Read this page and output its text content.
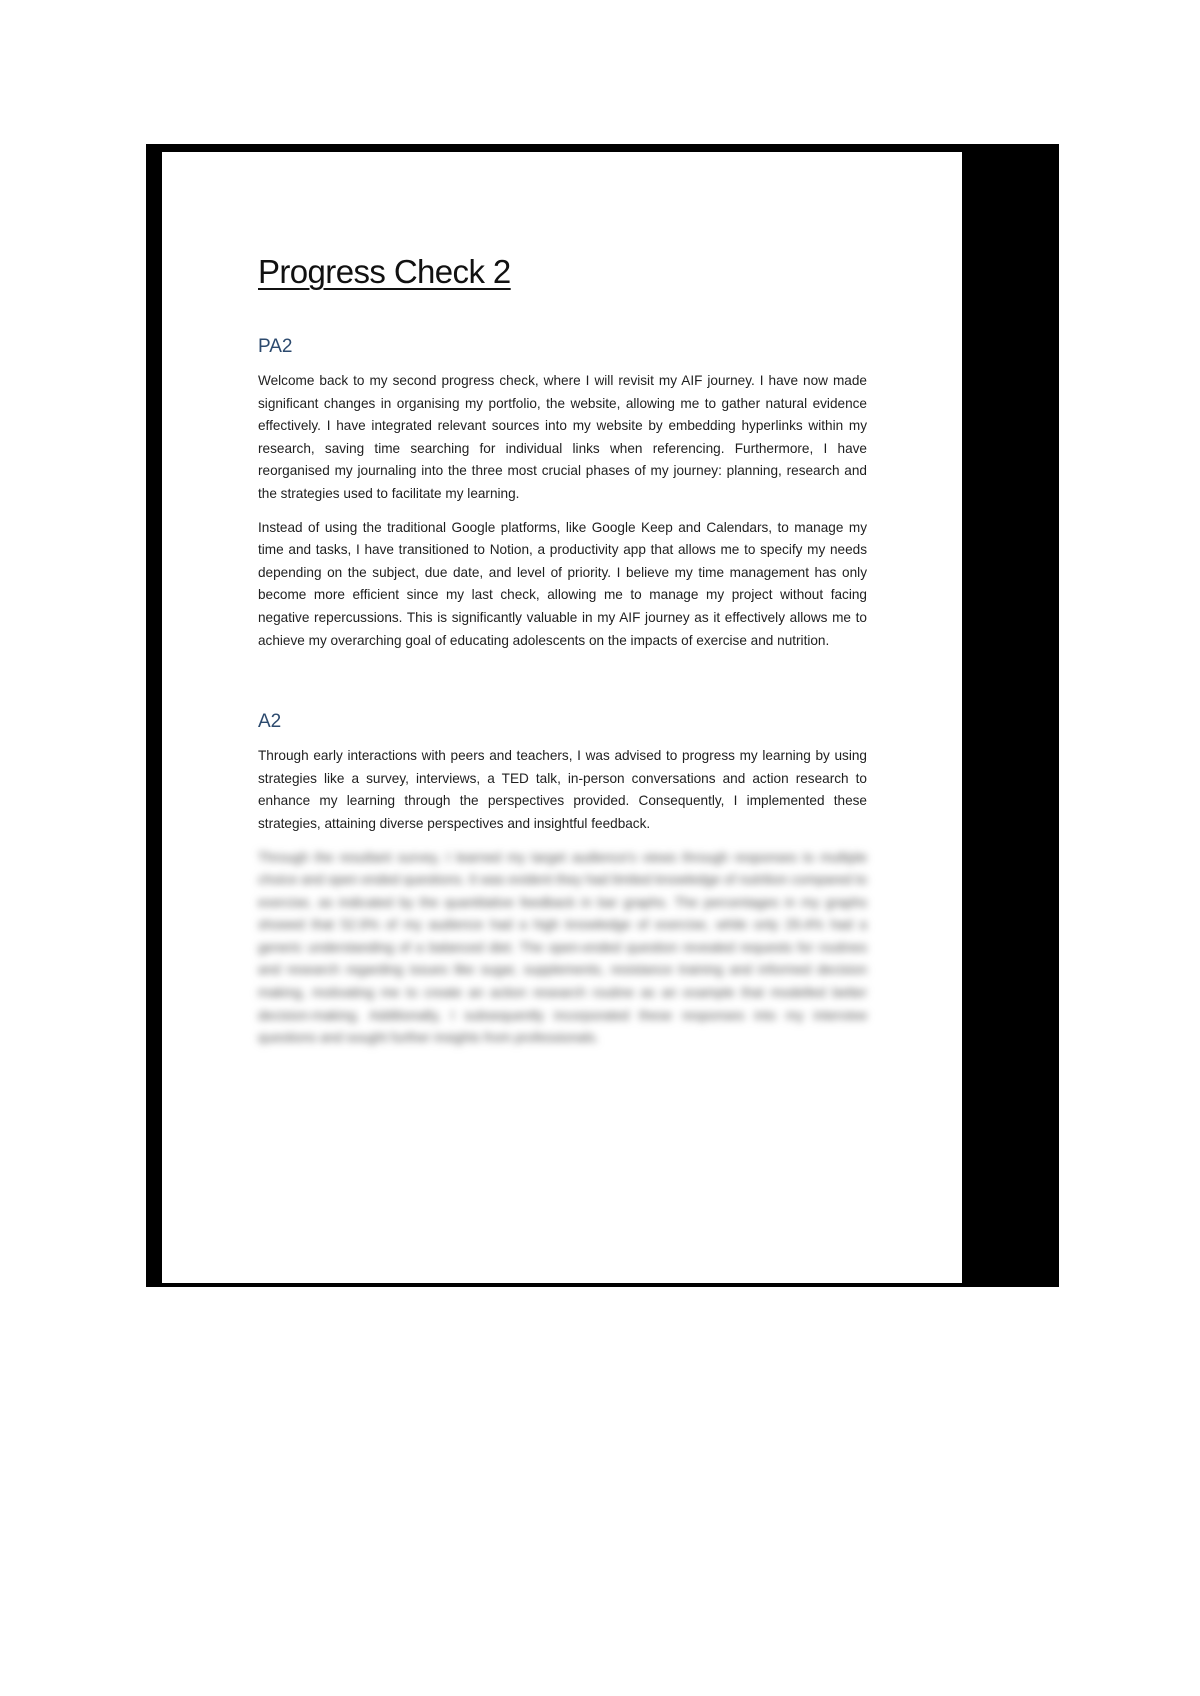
Progress Check 2
PA2

Welcome back to my second progress check, where I will revisit my AIF journey. I have now made significant changes in organising my portfolio, the website, allowing me to gather natural evidence effectively. I have integrated relevant sources into my website by embedding hyperlinks within my research, saving time searching for individual links when referencing. Furthermore, I have reorganised my journaling into the three most crucial phases of my journey: planning, research and the strategies used to facilitate my learning.

Instead of using the traditional Google platforms, like Google Keep and Calendars, to manage my time and tasks, I have transitioned to Notion, a productivity app that allows me to specify my needs depending on the subject, due date, and level of priority. I believe my time management has only become more efficient since my last check, allowing me to manage my project without facing negative repercussions. This is significantly valuable in my AIF journey as it effectively allows me to achieve my overarching goal of educating adolescents on the impacts of exercise and nutrition.

A2

Through early interactions with peers and teachers, I was advised to progress my learning by using strategies like a survey, interviews, a TED talk, in-person conversations and action research to enhance my learning through the perspectives provided. Consequently, I implemented these strategies, attaining diverse perspectives and insightful feedback.

Through the resultant survey, I learned my target audience's views through responses to multiple choice and open ended questions. It was evident they had limited knowledge of nutrition compared to exercise, as indicated by the quantitative feedback in bar graphs. The percentages in my graphs showed that 52.9% of my audience had a high knowledge of exercise, while only 29.4% had a generic understanding of a balanced diet. The open-ended question revealed requests for routines and research regarding issues like sugar, supplements, resistance training and informed decision making, motivating me to create an action research routine as an example that modelled better decision-making. Additionally, I subsequently incorporated these responses into my interview questions and sought further insights from professionals.
